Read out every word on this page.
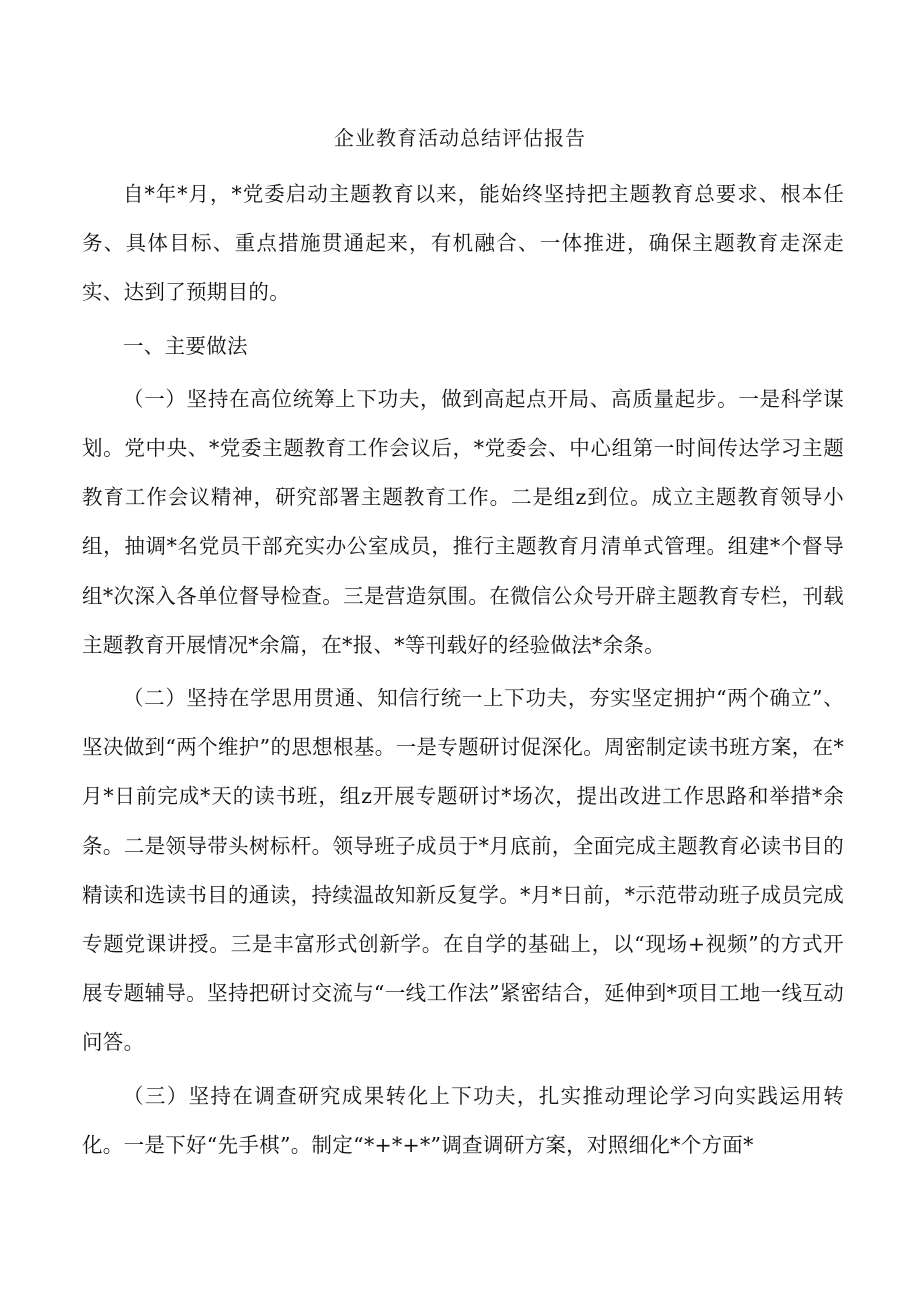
企业教育活动总结评估报告

自*年*月，*党委启动主题教育以来，能始终坚持把主题教育总要求、根本任务、具体目标、重点措施贯通起来，有机融合、一体推进，确保主题教育走深走实、达到了预期目的。

一、主要做法

（一）坚持在高位统筹上下功夫，做到高起点开局、高质量起步。一是科学谋划。党中央、*党委主题教育工作会议后，*党委会、中心组第一时间传达学习主题教育工作会议精神，研究部署主题教育工作。二是组z到位。成立主题教育领导小组，抽调*名党员干部充实办公室成员，推行主题教育月清单式管理。组建*个督导组*次深入各单位督导检查。三是营造氛围。在微信公众号开辟主题教育专栏，刊载主题教育开展情况*余篇，在*报、*等刊载好的经验做法*余条。

（二）坚持在学思用贯通、知信行统一上下功夫，夯实坚定拥护“两个确立”、坚决做到“两个维护”的思想根基。一是专题研讨促深化。周密制定读书班方案，在*月*日前完成*天的读书班，组z开展专题研讨*场次，提出改进工作思路和举措*余条。二是领导带头树标杆。领导班子成员于*月底前，全面完成主题教育必读书目的精读和选读书目的通读，持续温故知新反复学。*月*日前，*示范带动班子成员完成专题党课讲授。三是丰富形式创新学。在自学的基础上，以“现场+视频”的方式开展专题辅导。坚持把研讨交流与“一线工作法”紧密结合，延伸到*项目工地一线互动问答。

（三）坚持在调查研究成果转化上下功夫，扎实推动理论学习向实践运用转化。一是下好“先手棋”。制定“*+*+*”调查调研方案，对照细化*个方面*
